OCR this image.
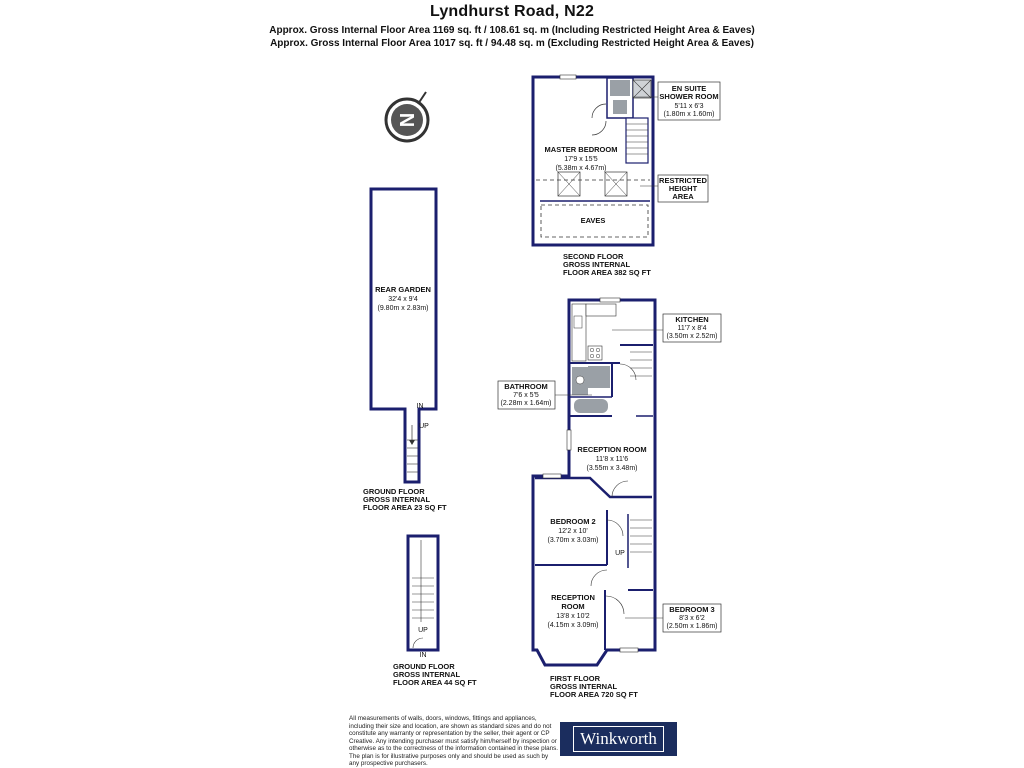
Lyndhurst Road, N22
Approx. Gross Internal Floor Area 1169 sq. ft / 108.61 sq. m (Including Restricted Height Area & Eaves)
Approx. Gross Internal Floor Area 1017 sq. ft / 94.48 sq. m (Excluding Restricted Height Area & Eaves)
N
MASTER BEDROOM
17'9 x 15'5
(5.38m x 4.67m)
EAVES
EN SUITE
SHOWER ROOM
5'11 x 6'3
(1.80m x 1.60m)
RESTRICTED
HEIGHT
AREA
SECOND FLOOR
GROSS INTERNAL
FLOOR AREA 382 SQ FT
REAR GARDEN
32'4 x 9'4
(9.80m x 2.83m)
IN
UP
GROUND FLOOR
GROSS INTERNAL
FLOOR AREA 23 SQ FT
UP
IN
GROUND FLOOR
GROSS INTERNAL
FLOOR AREA 44 SQ FT
RECEPTION ROOM
11'8 x 11'6
(3.55m x 3.48m)
BEDROOM 2
12'2 x 10'
(3.70m x 3.03m)
UP
RECEPTION
ROOM
13'8 x 10'2
(4.15m x 3.09m)
KITCHEN
11'7 x 8'4
(3.50m x 2.52m)
BATHROOM
7'6 x 5'5
(2.28m x 1.64m)
BEDROOM 3
8'3 x 6'2
(2.50m x 1.86m)
FIRST FLOOR
GROSS INTERNAL
FLOOR AREA 720 SQ FT
All measurements of walls, doors, windows, fittings and appliances, including their size and location, are shown as standard sizes and do not constitute any warranty or representation by the seller, their agent or CP Creative. Any intending purchaser must satisfy him/herself by inspection or otherwise as to the correctness of the information contained in these plans. The plan is for illustrative purposes only and should be used as such by any prospective purchasers.
Winkworth
